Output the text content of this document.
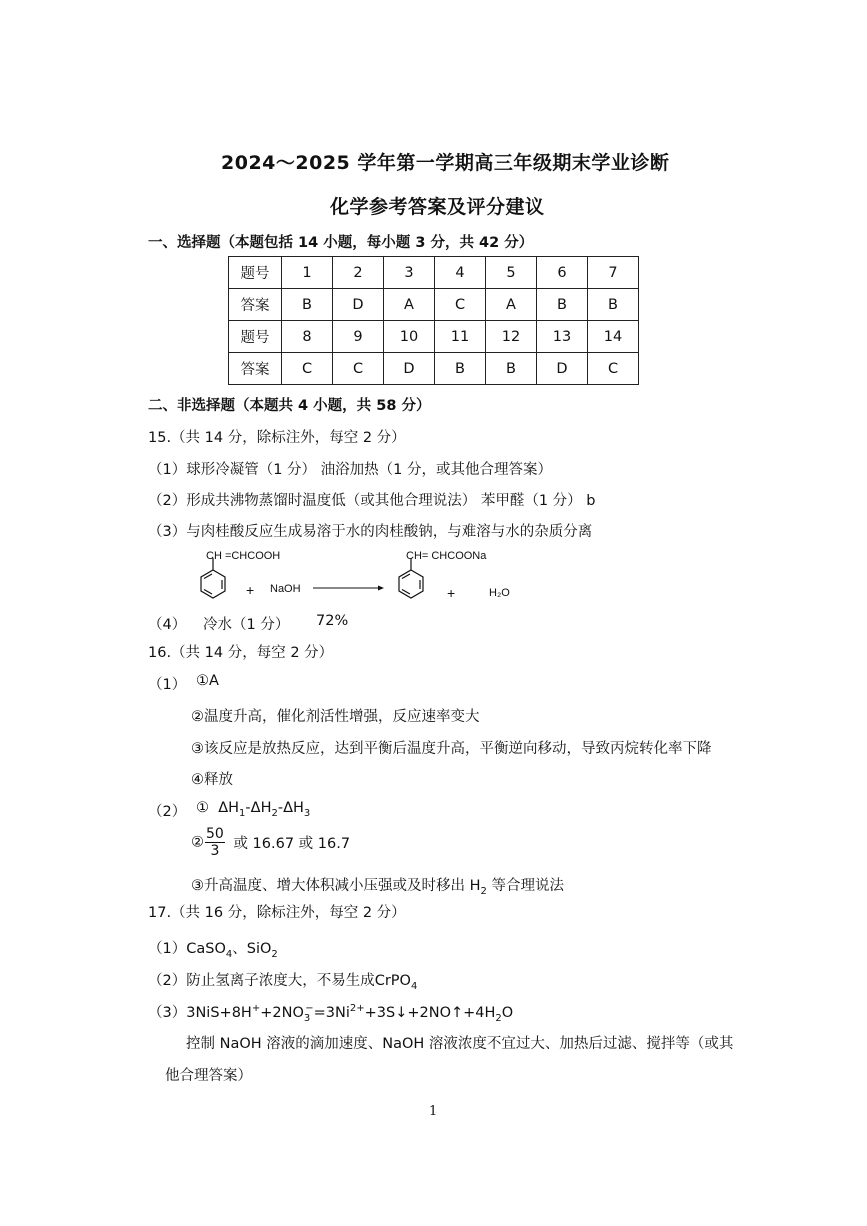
2024～2025 学年第一学期高三年级期末学业诊断
化学参考答案及评分建议
一、选择题（本题包括 14 小题，每小题 3 分，共 42 分）
题号	1	2	3	4	5	6	7
答案	B	D	A	C	A	B	B
题号	8	9	10	11	12	13	14
答案	C	C	D	B	B	D	C
二、非选择题（本题共 4 小题，共 58 分）
15.（共 14 分，除标注外，每空 2 分）
（1）球形冷凝管（1 分） 油浴加热（1 分，或其他合理答案）
（2）形成共沸物蒸馏时温度低（或其他合理说法） 苯甲醛（1 分） b
（3）与肉桂酸反应生成易溶于水的肉桂酸钠，与难溶与水的杂质分离
CH =CHCOOH
+ NaOH
CH= CHCOONa
+	H₂O
（4） 冷水（1 分） 72%
16.（共 14 分，每空 2 分）
（1） ①A
②温度升高，催化剂活性增强，反应速率变大
③该反应是放热反应，达到平衡后温度升高，平衡逆向移动，导致丙烷转化率下降
④释放
（2） ①  $\Delta H_1-\Delta H_2-\Delta H_3$
② $\frac{50}{3}$ 或 16.67 或 16.7
③升高温度、增大体积减小压强或及时移出 $H_2$ 等合理说法
17.（共 16 分，除标注外，每空 2 分）
（1）CaSO$_4$、SiO$_2$
（2）防止氢离子浓度大，不易生成CrPO$_4$
$(3)3NiS+8H^++2NO_3^-=3Ni^{2+}+3S↓+2NO↑+4H_2O$
控制 NaOH 溶液的滴加速度、NaOH 溶液浓度不宜过大、加热后过滤、搅拌等（或其
他合理答案）
1
